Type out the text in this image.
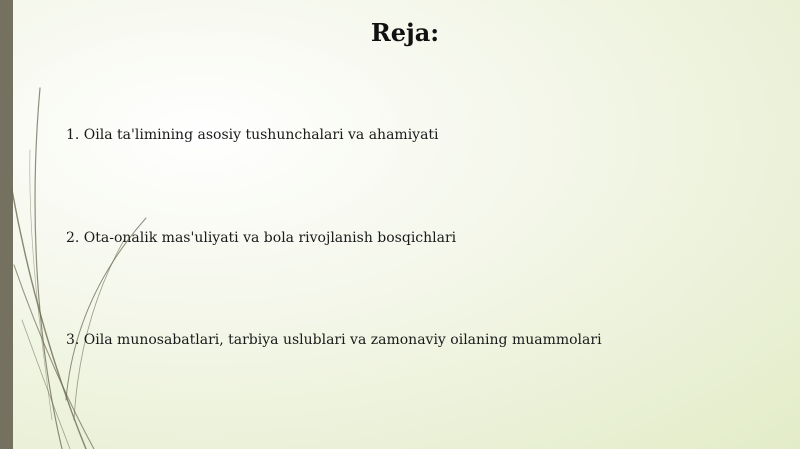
Reja:
1. Oila ta'limining asosiy tushunchalari va ahamiyati
2. Ota-onalik mas'uliyati va bola rivojlanish bosqichlari
3. Oila munosabatlari, tarbiya uslublari va zamonaviy oilaning muammolari
